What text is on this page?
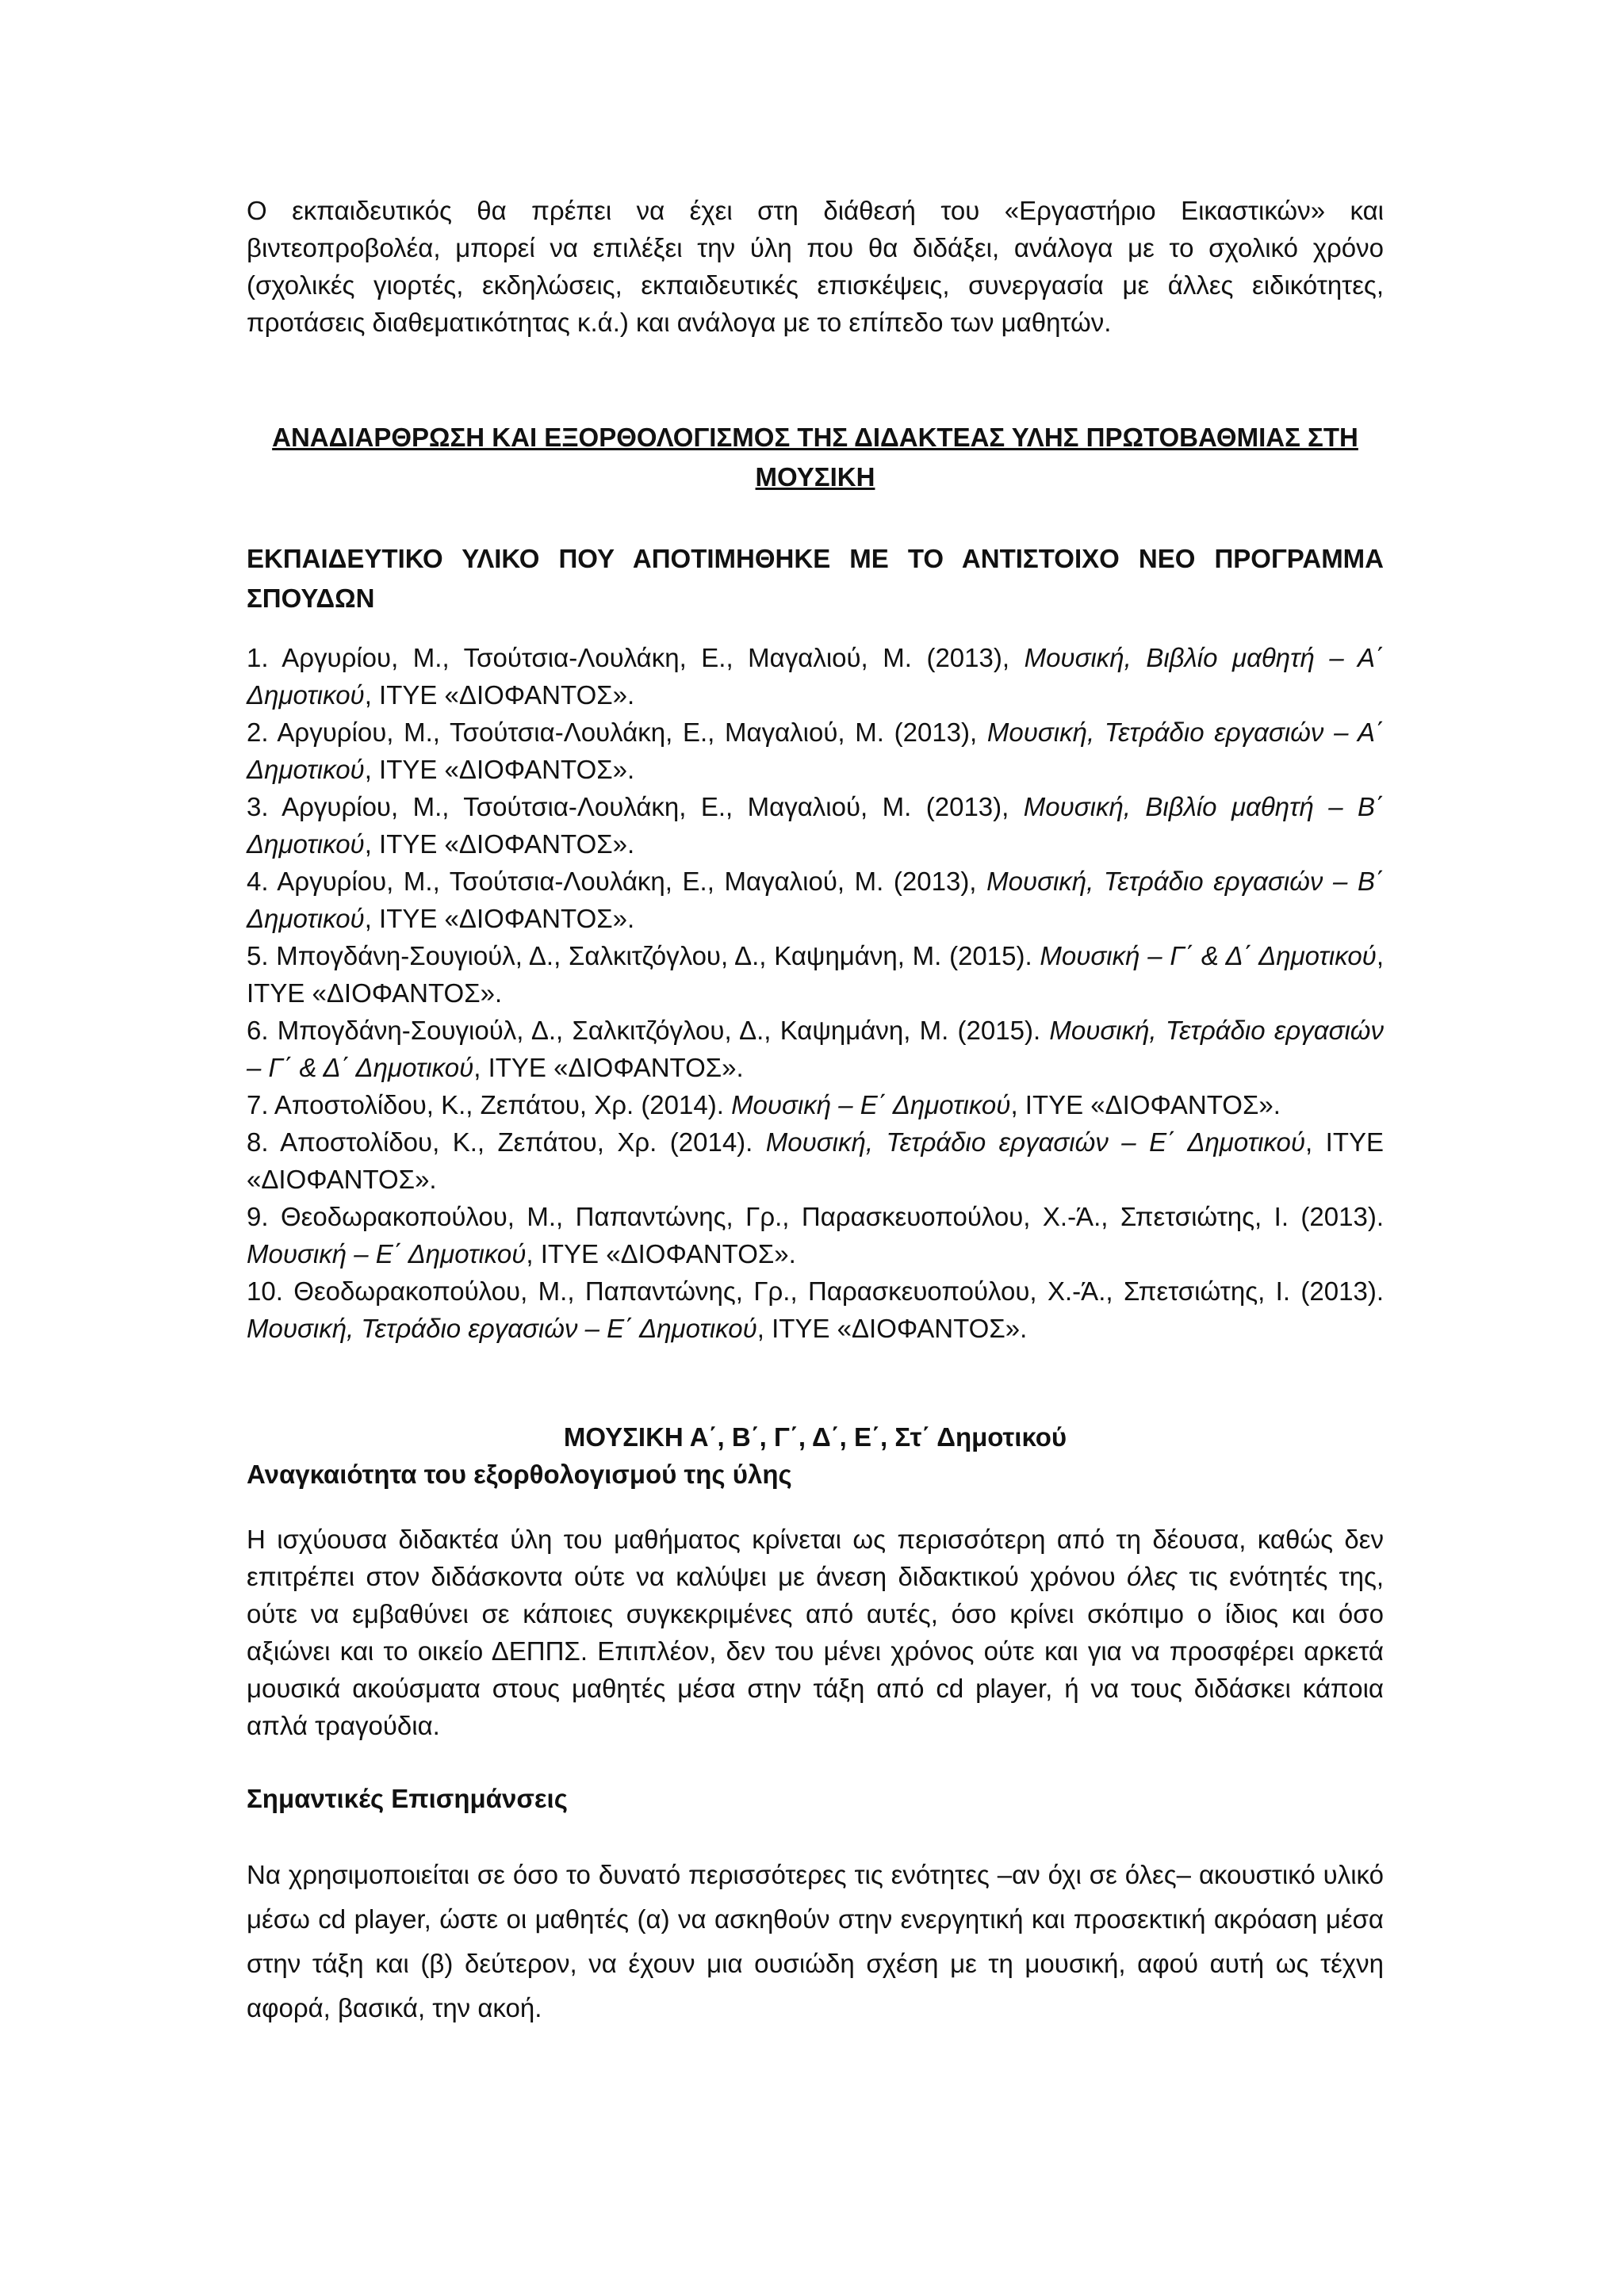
Ο εκπαιδευτικός θα πρέπει να έχει στη διάθεσή του «Εργαστήριο Εικαστικών» και βιντεοπροβολέα, μπορεί να επιλέξει την ύλη που θα διδάξει, ανάλογα με το σχολικό χρόνο (σχολικές γιορτές, εκδηλώσεις, εκπαιδευτικές επισκέψεις, συνεργασία με άλλες ειδικότητες, προτάσεις διαθεματικότητας κ.ά.) και ανάλογα με το επίπεδο των μαθητών.

ΑΝΑΔΙΑΡΘΡΩΣΗ ΚΑΙ ΕΞΟΡΘΟΛΟΓΙΣΜΟΣ ΤΗΣ ΔΙΔΑΚΤΕΑΣ ΥΛΗΣ ΠΡΩΤΟΒΑΘΜΙΑΣ ΣΤΗ ΜΟΥΣΙΚΗ

ΕΚΠΑΙΔΕΥΤΙΚΟ ΥΛΙΚΟ ΠΟΥ ΑΠΟΤΙΜΗΘΗΚΕ ΜΕ ΤΟ ΑΝΤΙΣΤΟΙΧΟ ΝΕΟ ΠΡΟΓΡΑΜΜΑ ΣΠΟΥΔΩΝ

1. Αργυρίου, Μ., Τσούτσια-Λουλάκη, Ε., Μαγαλιού, Μ. (2013), Μουσική, Βιβλίο μαθητή – Α΄ Δημοτικού, ΙΤΥΕ «ΔΙΟΦΑΝΤΟΣ».
2. Αργυρίου, Μ., Τσούτσια-Λουλάκη, Ε., Μαγαλιού, Μ. (2013), Μουσική, Τετράδιο εργασιών – Α΄ Δημοτικού, ΙΤΥΕ «ΔΙΟΦΑΝΤΟΣ».
3. Αργυρίου, Μ., Τσούτσια-Λουλάκη, Ε., Μαγαλιού, Μ. (2013), Μουσική, Βιβλίο μαθητή – Β΄ Δημοτικού, ΙΤΥΕ «ΔΙΟΦΑΝΤΟΣ».
4. Αργυρίου, Μ., Τσούτσια-Λουλάκη, Ε., Μαγαλιού, Μ. (2013), Μουσική, Τετράδιο εργασιών – Β΄ Δημοτικού, ΙΤΥΕ «ΔΙΟΦΑΝΤΟΣ».
5. Μπογδάνη-Σουγιούλ, Δ., Σαλκιτζόγλου, Δ., Καψημάνη, Μ. (2015). Μουσική – Γ΄ & Δ΄ Δημοτικού, ΙΤΥΕ «ΔΙΟΦΑΝΤΟΣ».
6. Μπογδάνη-Σουγιούλ, Δ., Σαλκιτζόγλου, Δ., Καψημάνη, Μ. (2015). Μουσική, Τετράδιο εργασιών – Γ΄ & Δ΄ Δημοτικού, ΙΤΥΕ «ΔΙΟΦΑΝΤΟΣ».
7. Αποστολίδου, Κ., Ζεπάτου, Χρ. (2014). Μουσική – Ε΄ Δημοτικού, ΙΤΥΕ «ΔΙΟΦΑΝΤΟΣ».
8. Αποστολίδου, Κ., Ζεπάτου, Χρ. (2014). Μουσική, Τετράδιο εργασιών – Ε΄ Δημοτικού, ΙΤΥΕ «ΔΙΟΦΑΝΤΟΣ».
9. Θεοδωρακοπούλου, Μ., Παπαντώνης, Γρ., Παρασκευοπούλου, Χ.-Ά., Σπετσιώτης, Ι. (2013). Μουσική – Ε΄ Δημοτικού, ΙΤΥΕ «ΔΙΟΦΑΝΤΟΣ».
10. Θεοδωρακοπούλου, Μ., Παπαντώνης, Γρ., Παρασκευοπούλου, Χ.-Ά., Σπετσιώτης, Ι. (2013). Μουσική, Τετράδιο εργασιών – Ε΄ Δημοτικού, ΙΤΥΕ «ΔΙΟΦΑΝΤΟΣ».

ΜΟΥΣΙΚΗ Α΄, Β΄, Γ΄, Δ΄, Ε΄, Στ΄ Δημοτικού

Αναγκαιότητα του εξορθολογισμού της ύλης

Η ισχύουσα διδακτέα ύλη του μαθήματος κρίνεται ως περισσότερη από τη δέουσα, καθώς δεν επιτρέπει στον διδάσκοντα ούτε να καλύψει με άνεση διδακτικού χρόνου όλες τις ενότητές της, ούτε να εμβαθύνει σε κάποιες συγκεκριμένες από αυτές, όσο κρίνει σκόπιμο ο ίδιος και όσο αξιώνει και το οικείο ΔΕΠΠΣ. Επιπλέον, δεν του μένει χρόνος ούτε και για να προσφέρει αρκετά μουσικά ακούσματα στους μαθητές μέσα στην τάξη από cd player, ή να τους διδάσκει κάποια απλά τραγούδια.

Σημαντικές Επισημάνσεις

Να χρησιμοποιείται σε όσο το δυνατό περισσότερες τις ενότητες –αν όχι σε όλες– ακουστικό υλικό μέσω cd player, ώστε οι μαθητές (α) να ασκηθούν στην ενεργητική και προσεκτική ακρόαση μέσα στην τάξη και (β) δεύτερον, να έχουν μια ουσιώδη σχέση με τη μουσική, αφού αυτή ως τέχνη αφορά, βασικά, την ακοή.
